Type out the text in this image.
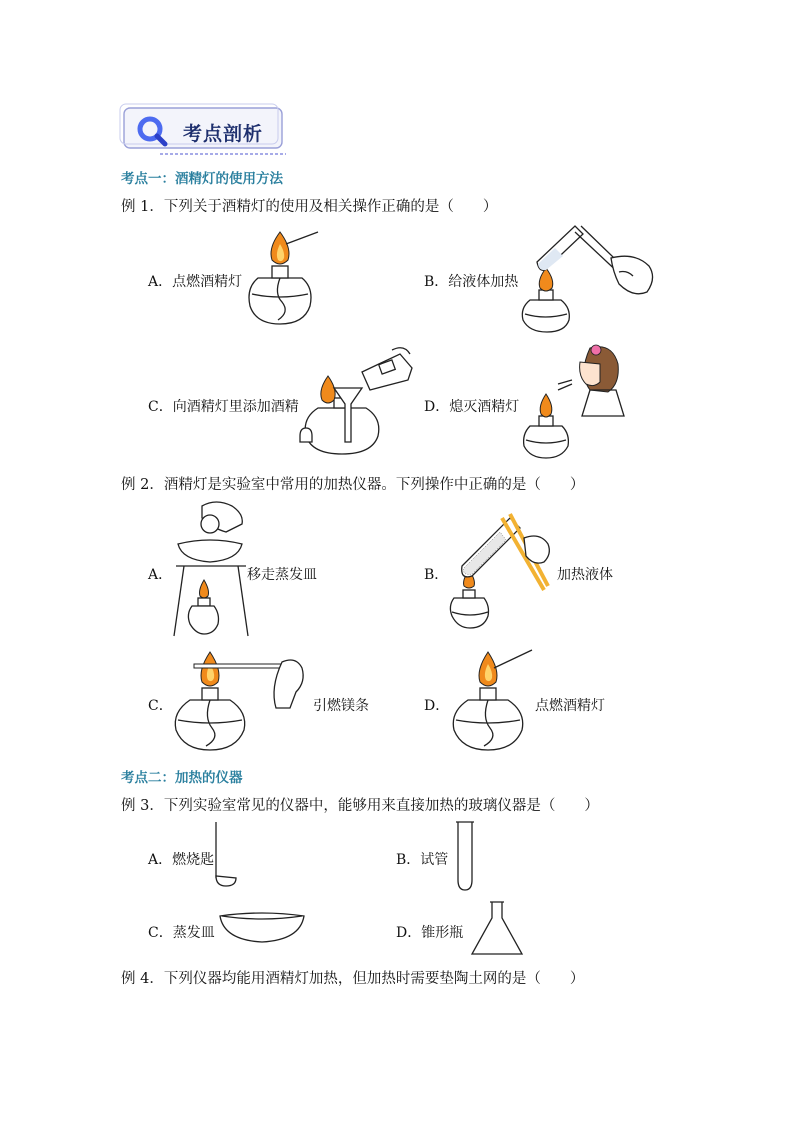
考点剖析
考点一：酒精灯的使用方法
例 1．下列关于酒精灯的使用及相关操作正确的是（　　）
A．点燃酒精灯	B．给液体加热
C．向酒精灯里添加酒精	D．熄灭酒精灯
例 2．酒精灯是实验室中常用的加热仪器。下列操作中正确的是（　　）
A．	移走蒸发皿	B．	加热液体
C．	引燃镁条	D．	点燃酒精灯
考点二：加热的仪器
例 3．下列实验室常见的仪器中，能够用来直接加热的玻璃仪器是（　　）
A．燃烧匙	B．试管
C．蒸发皿	D．锥形瓶
例 4．下列仪器均能用酒精灯加热，但加热时需要垫陶土网的是（　　）
